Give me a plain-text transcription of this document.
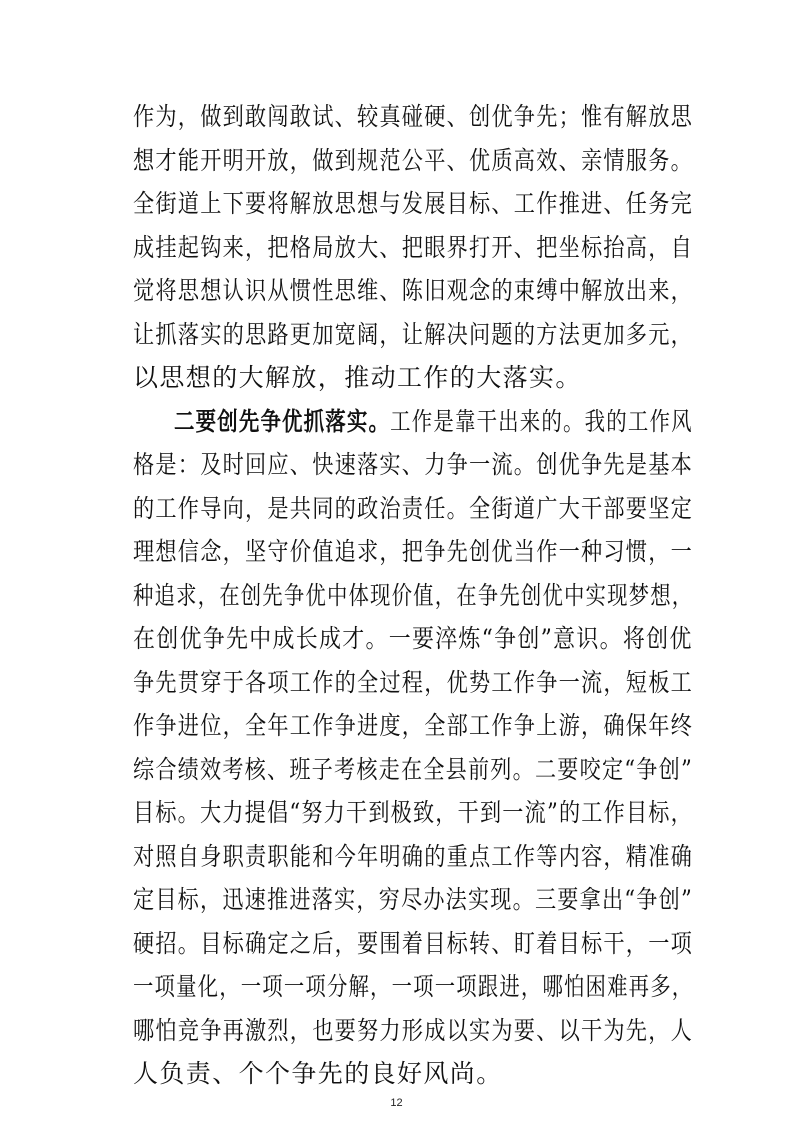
作为，做到敢闯敢试、较真碰硬、创优争先；惟有解放思
想才能开明开放，做到规范公平、优质高效、亲情服务。
全街道上下要将解放思想与发展目标、工作推进、任务完
成挂起钩来，把格局放大、把眼界打开、把坐标抬高，自
觉将思想认识从惯性思维、陈旧观念的束缚中解放出来，
让抓落实的思路更加宽阔，让解决问题的方法更加多元，
以思想的大解放，推动工作的大落实。
二要创先争优抓落实。工作是靠干出来的。我的工作风
格是：及时回应、快速落实、力争一流。创优争先是基本
的工作导向，是共同的政治责任。全街道广大干部要坚定
理想信念，坚守价值追求，把争先创优当作一种习惯，一
种追求，在创先争优中体现价值，在争先创优中实现梦想，
在创优争先中成长成才。一要淬炼“争创”意识。将创优
争先贯穿于各项工作的全过程，优势工作争一流，短板工
作争进位，全年工作争进度，全部工作争上游，确保年终
综合绩效考核、班子考核走在全县前列。二要咬定“争创”
目标。大力提倡“努力干到极致，干到一流”的工作目标，
对照自身职责职能和今年明确的重点工作等内容，精准确
定目标，迅速推进落实，穷尽办法实现。三要拿出“争创”
硬招。目标确定之后，要围着目标转、盯着目标干，一项
一项量化，一项一项分解，一项一项跟进，哪怕困难再多，
哪怕竞争再激烈，也要努力形成以实为要、以干为先，人
人负责、个个争先的良好风尚。
12
